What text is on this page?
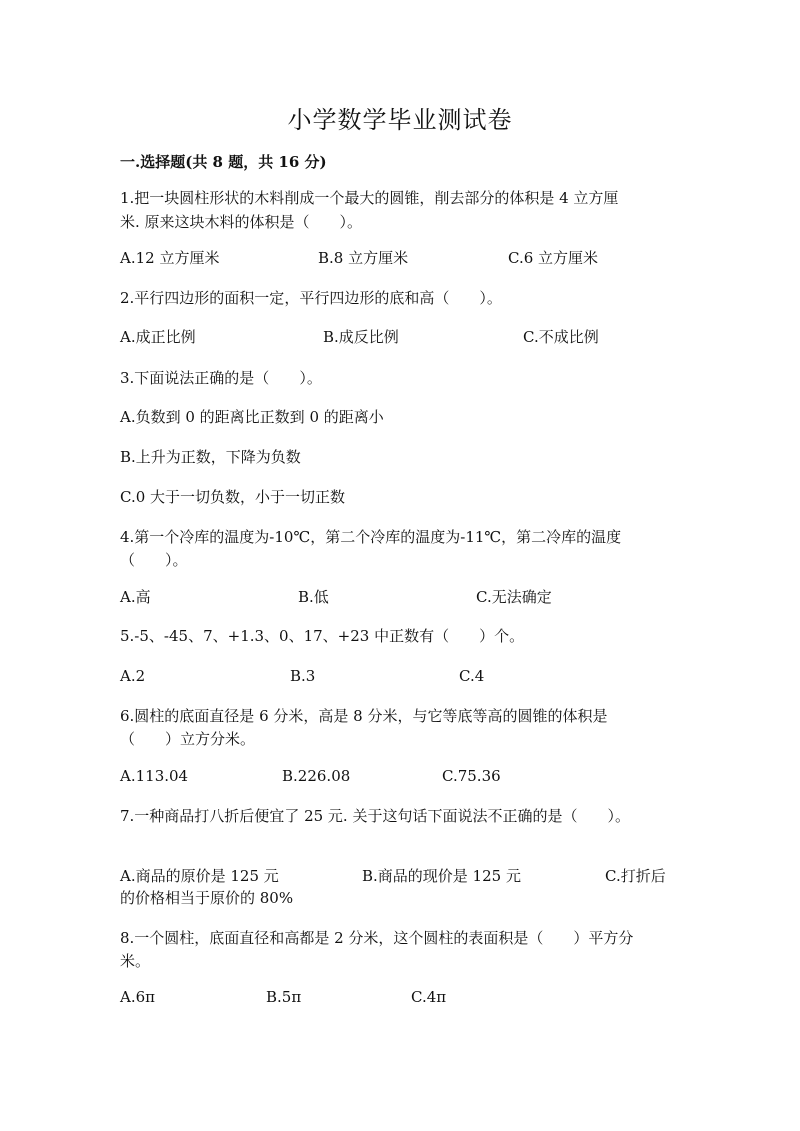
小学数学毕业测试卷
一.选择题(共 8 题，共 16 分)
1.把一块圆柱形状的木料削成一个最大的圆锥，削去部分的体积是 4 立方厘
米. 原来这块木料的体积是（　　）。
A.12 立方厘米	B.8 立方厘米	C.6 立方厘米
2.平行四边形的面积一定，平行四边形的底和高（　　）。
A.成正比例	B.成反比例	C.不成比例
3.下面说法正确的是（　　）。
A.负数到 0 的距离比正数到 0 的距离小
B.上升为正数，下降为负数
C.0 大于一切负数，小于一切正数
4.第一个冷库的温度为-10℃，第二个冷库的温度为-11℃，第二冷库的温度
（　　）。
A.高	B.低	C.无法确定
5.-5、-45、7、+1.3、0、17、+23 中正数有（　　）个。
A.2	B.3	C.4
6.圆柱的底面直径是 6 分米，高是 8 分米，与它等底等高的圆锥的体积是
（　　）立方分米。
A.113.04	B.226.08	C.75.36
7.一种商品打八折后便宜了 25 元. 关于这句话下面说法不正确的是（　　）。
A.商品的原价是 125 元	B.商品的现价是 125 元	C.打折后
的价格相当于原价的 80%
8.一个圆柱，底面直径和高都是 2 分米，这个圆柱的表面积是（　　）平方分
米。
A.6π	B.5π	C.4π
